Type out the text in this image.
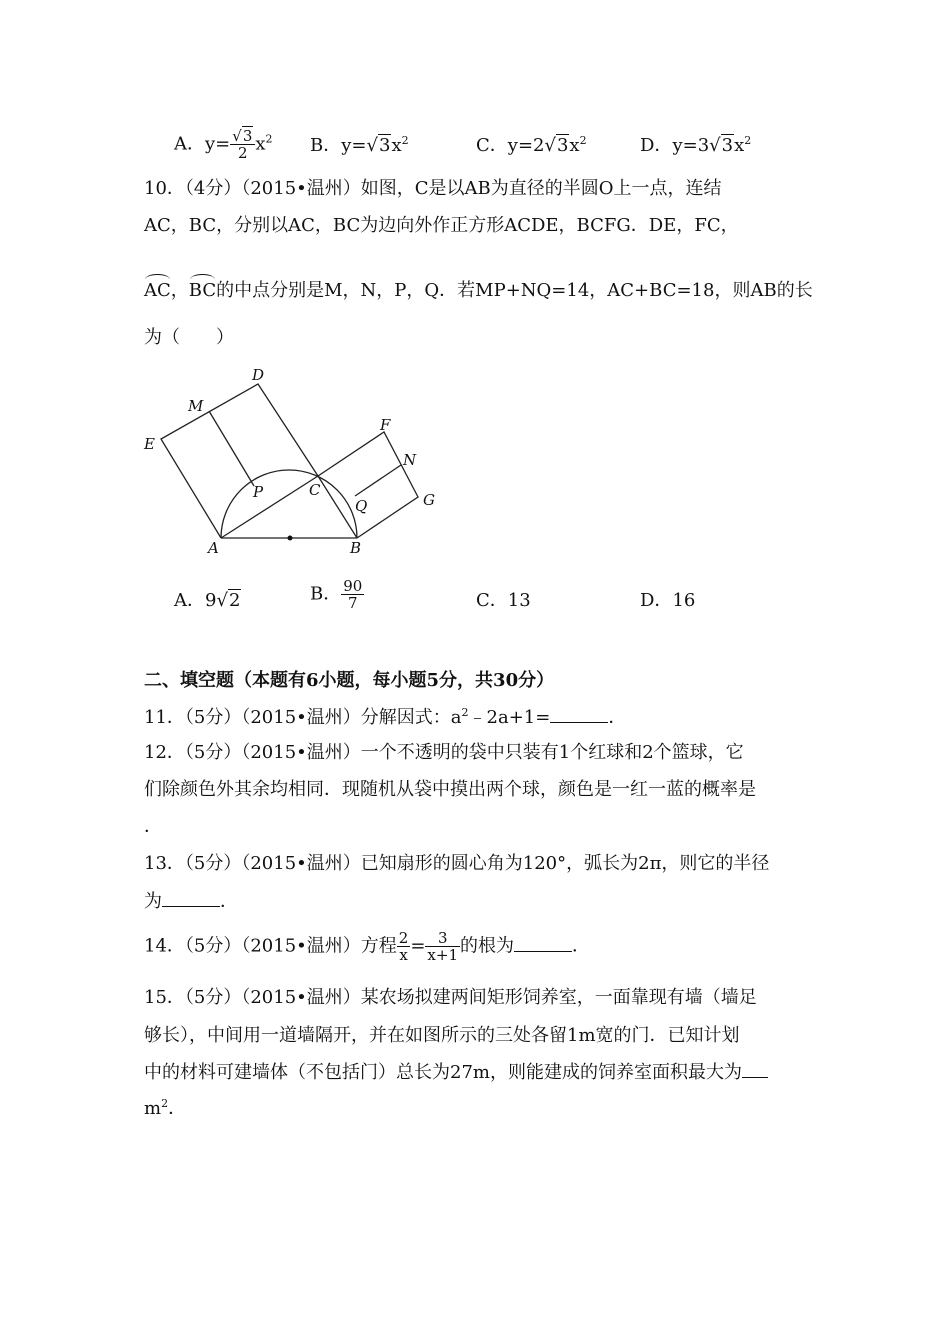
A．$y= \frac{√3}{2} x^2$ B．$y=√3x^2$	C．$y=2√3x^2$	D．$y=3√3x^2$
10．（4分）（2015•温州）如图，C是以AB为直径的半圆O上一点，连结
AC，BC，分别以AC，BC为边向外作正方形ACDE，BCFG．DE，FC，
AC，BC的中点分别是M，N，P，Q．若MP+NQ=14，AC+BC=18，则AB的长
为（　　）
D
M
E
F
N
P	C
Q	G
A	B
A．9√2	B． $\frac{90}{7}$	C．13	D．16
二、填空题（本题有6小题，每小题5分，共30分）
11．（5分）（2015•温州）分解因式：$a^2﹣2a+1=$	．
12．（5分）（2015•温州）一个不透明的袋中只装有1个红球和2个篮球，它
们除颜色外其余均相同．现随机从袋中摸出两个球，颜色是一红一蓝的概率是
．
13．（5分）（2015•温州）已知扇形的圆心角为120°，弧长为2π，则它的半径
为	．
14．（5分）（2015•温州）方程 $\frac{2}{x} = \frac{3}{x+1}$ 的根为	．
15．（5分）（2015•温州）某农场拟建两间矩形饲养室，一面靠现有墙（墙足
够长），中间用一道墙隔开，并在如图所示的三处各留1m宽的门．已知计划
中的材料可建墙体（不包括门）总长为27m，则能建成的饲养室面积最大为
$m^2$．
